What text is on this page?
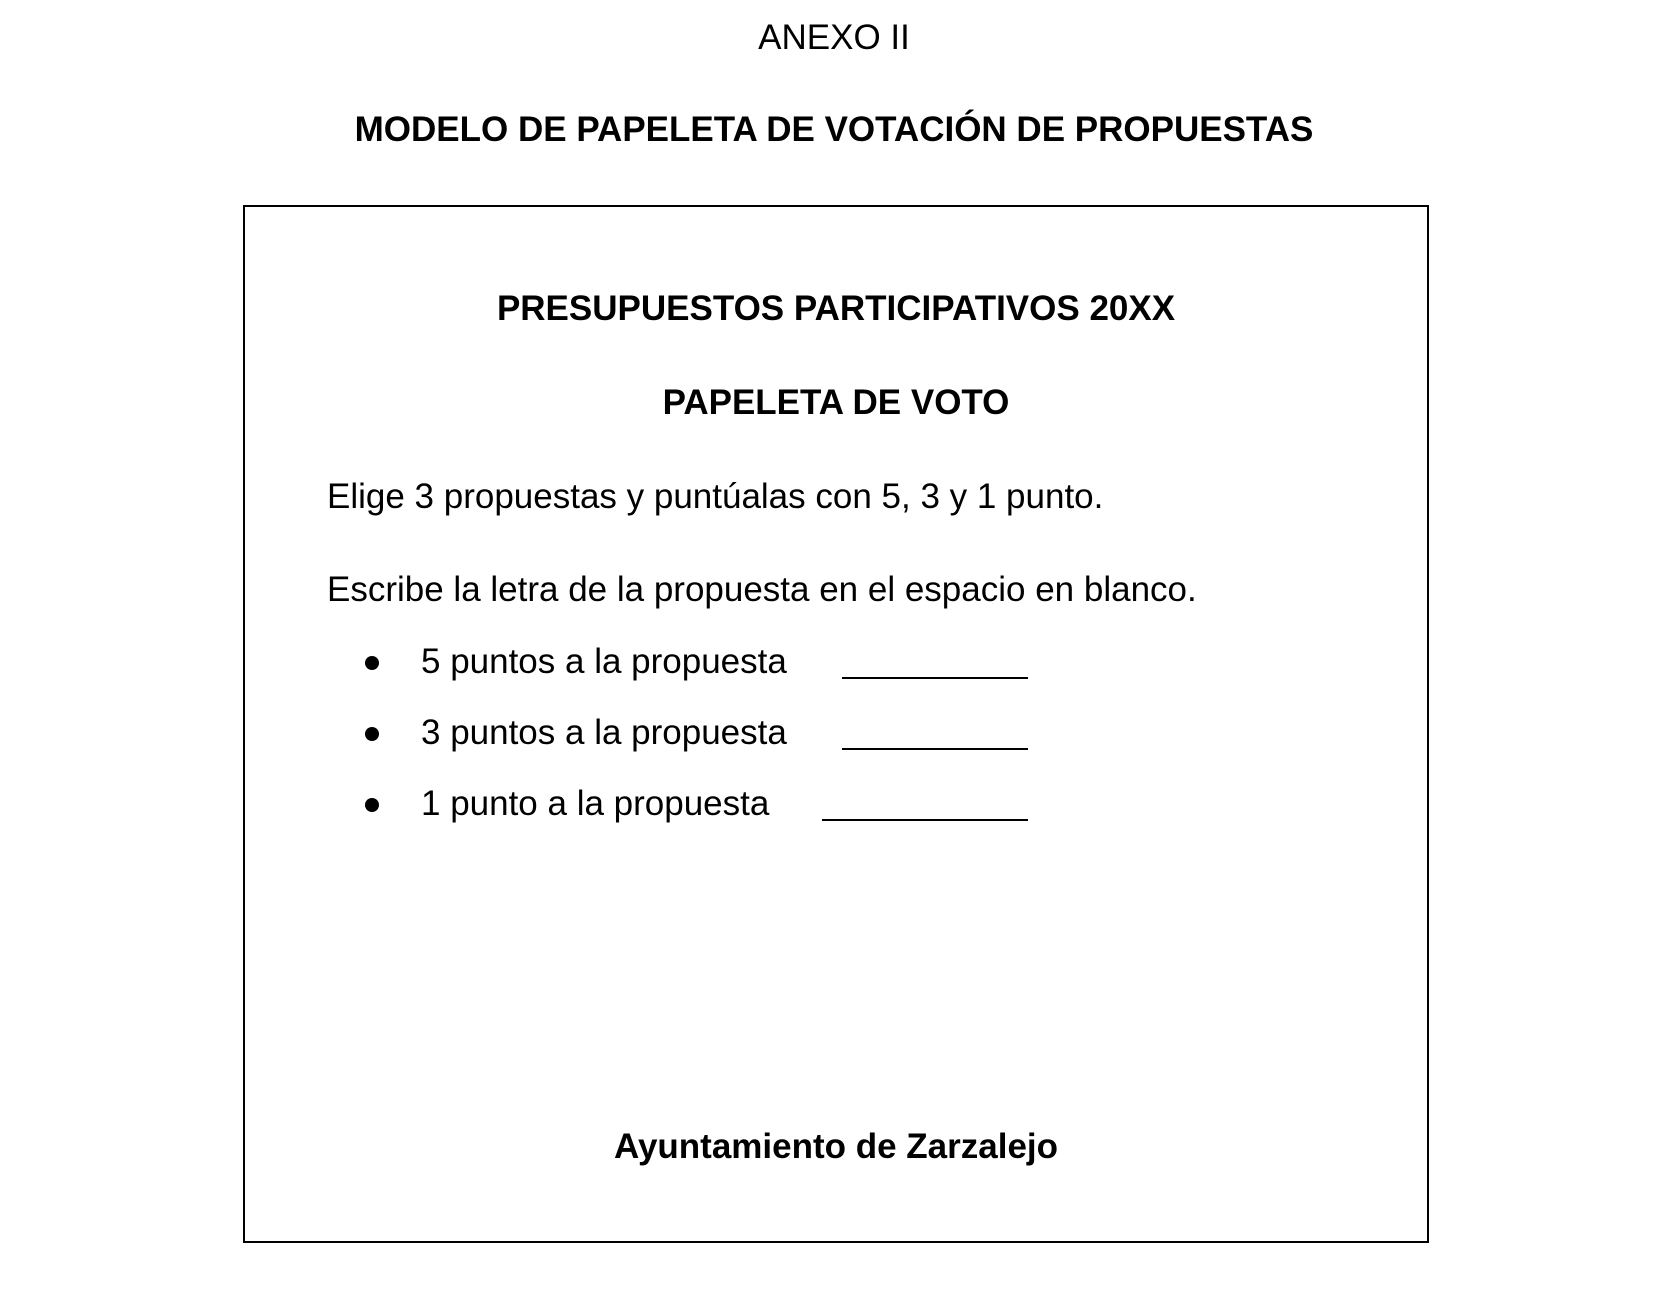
ANEXO II

MODELO DE PAPELETA DE VOTACIÓN DE PROPUESTAS
PRESUPUESTOS PARTICIPATIVOS 20XX
PAPELETA DE VOTO

Elige 3 propuestas y puntúalas con 5, 3 y 1 punto.

Escribe la letra de la propuesta en el espacio en blanco.

5 puntos a la propuesta
3 puntos a la propuesta
1 punto a la propuesta

Ayuntamiento de Zarzalejo
